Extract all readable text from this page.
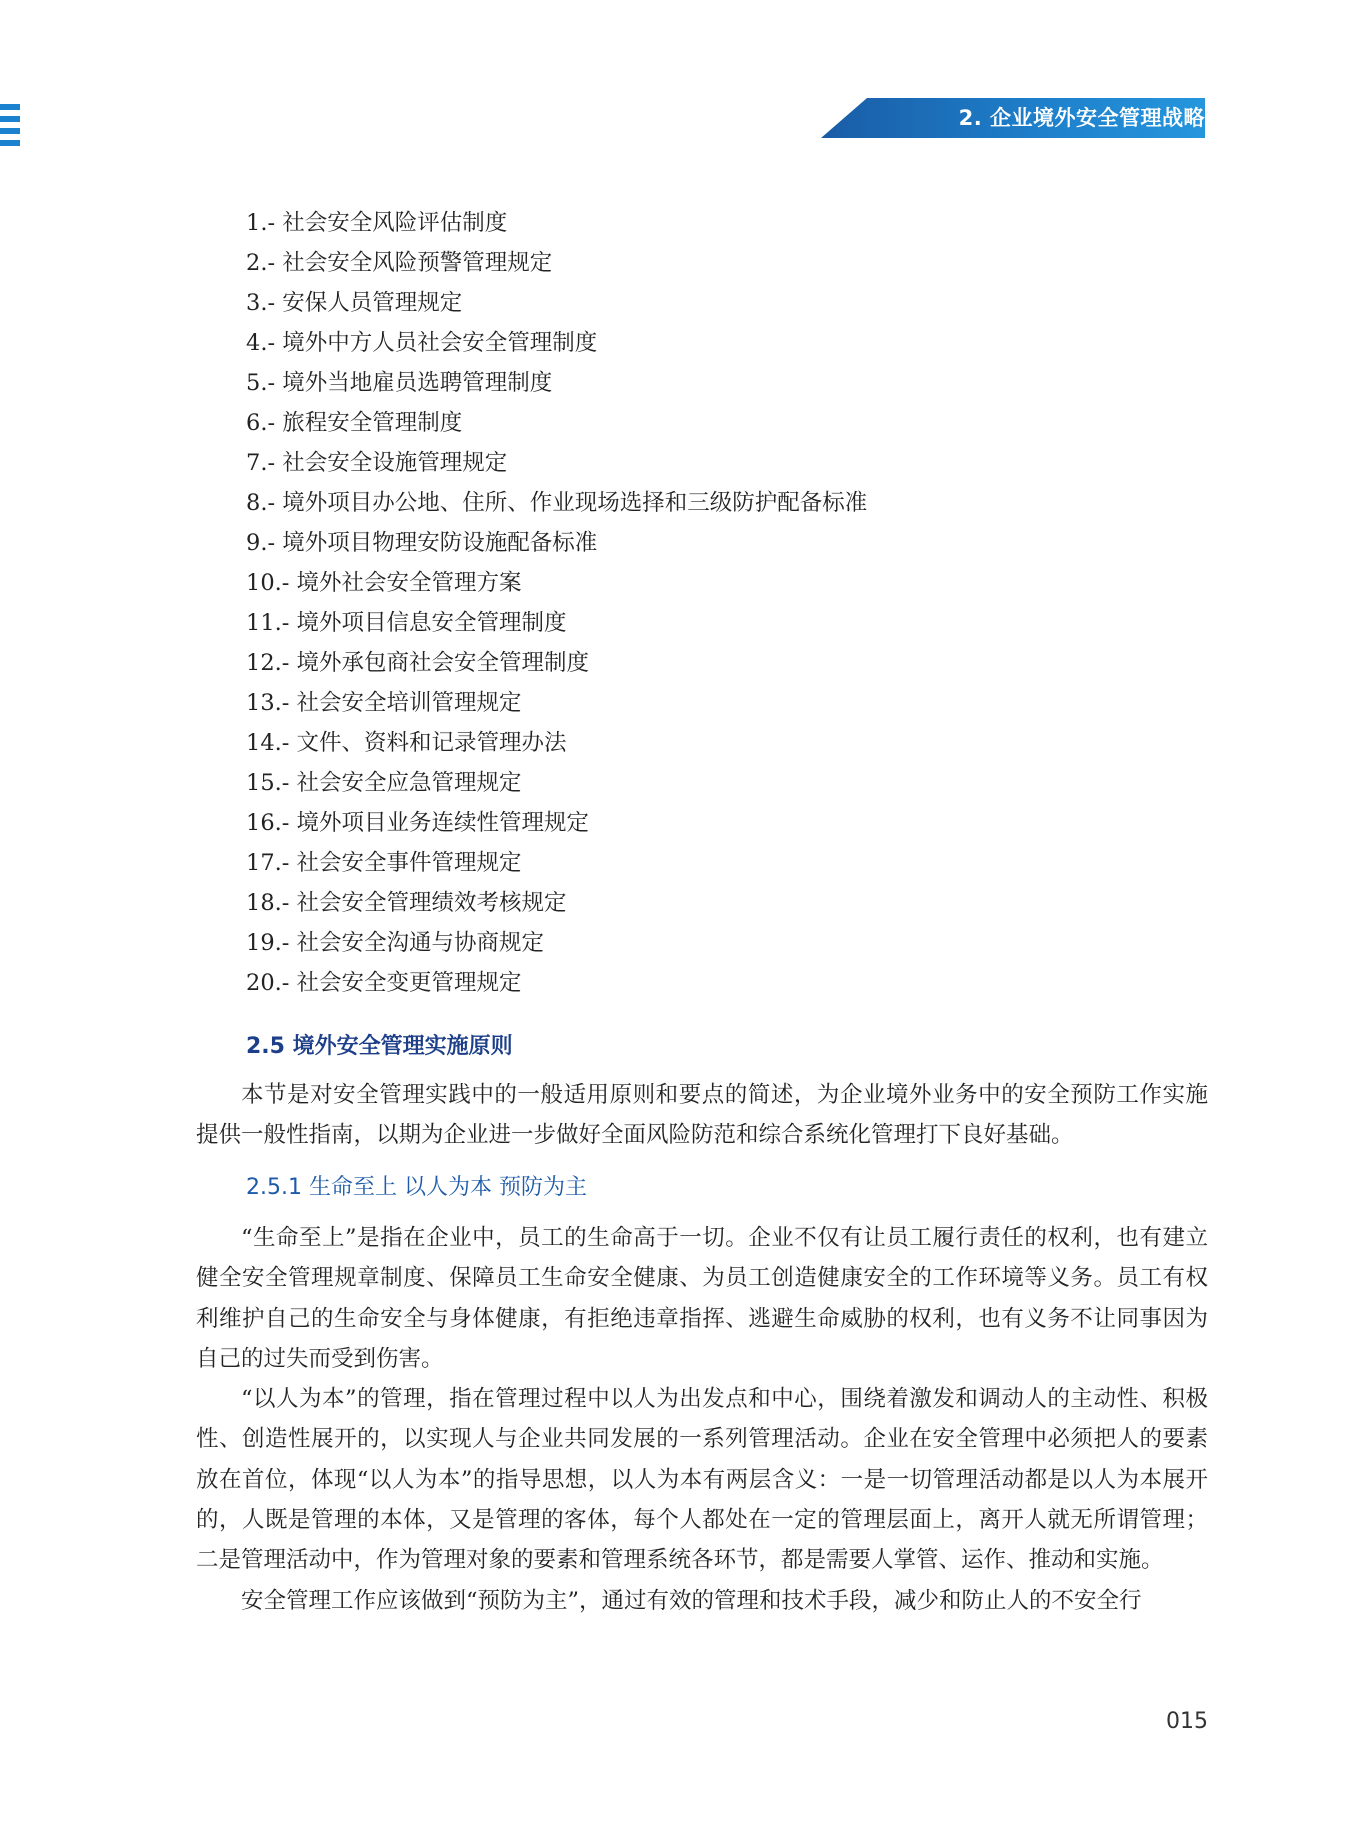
2. 企业境外安全管理战略
1.- 社会安全风险评估制度
2.- 社会安全风险预警管理规定
3.- 安保人员管理规定
4.- 境外中方人员社会安全管理制度
5.- 境外当地雇员选聘管理制度
6.- 旅程安全管理制度
7.- 社会安全设施管理规定
8.- 境外项目办公地、住所、作业现场选择和三级防护配备标准
9.- 境外项目物理安防设施配备标准
10.- 境外社会安全管理方案
11.- 境外项目信息安全管理制度
12.- 境外承包商社会安全管理制度
13.- 社会安全培训管理规定
14.- 文件、资料和记录管理办法
15.- 社会安全应急管理规定
16.- 境外项目业务连续性管理规定
17.- 社会安全事件管理规定
18.- 社会安全管理绩效考核规定
19.- 社会安全沟通与协商规定
20.- 社会安全变更管理规定
2.5 境外安全管理实施原则

本节是对安全管理实践中的一般适用原则和要点的简述，为企业境外业务中的安全预防工作实施提供一般性指南，以期为企业进一步做好全面风险防范和综合系统化管理打下良好基础。

2.5.1 生命至上 以人为本 预防为主

“生命至上”是指在企业中，员工的生命高于一切。企业不仅有让员工履行责任的权利，也有建立健全安全管理规章制度、保障员工生命安全健康、为员工创造健康安全的工作环境等义务。员工有权利维护自己的生命安全与身体健康，有拒绝违章指挥、逃避生命威胁的权利，也有义务不让同事因为自己的过失而受到伤害。

“以人为本”的管理，指在管理过程中以人为出发点和中心，围绕着激发和调动人的主动性、积极性、创造性展开的，以实现人与企业共同发展的一系列管理活动。企业在安全管理中必须把人的要素放在首位，体现“以人为本”的指导思想，以人为本有两层含义：一是一切管理活动都是以人为本展开的，人既是管理的本体，又是管理的客体，每个人都处在一定的管理层面上，离开人就无所谓管理；二是管理活动中，作为管理对象的要素和管理系统各环节，都是需要人掌管、运作、推动和实施。

安全管理工作应该做到“预防为主”，通过有效的管理和技术手段，减少和防止人的不安全行

015
